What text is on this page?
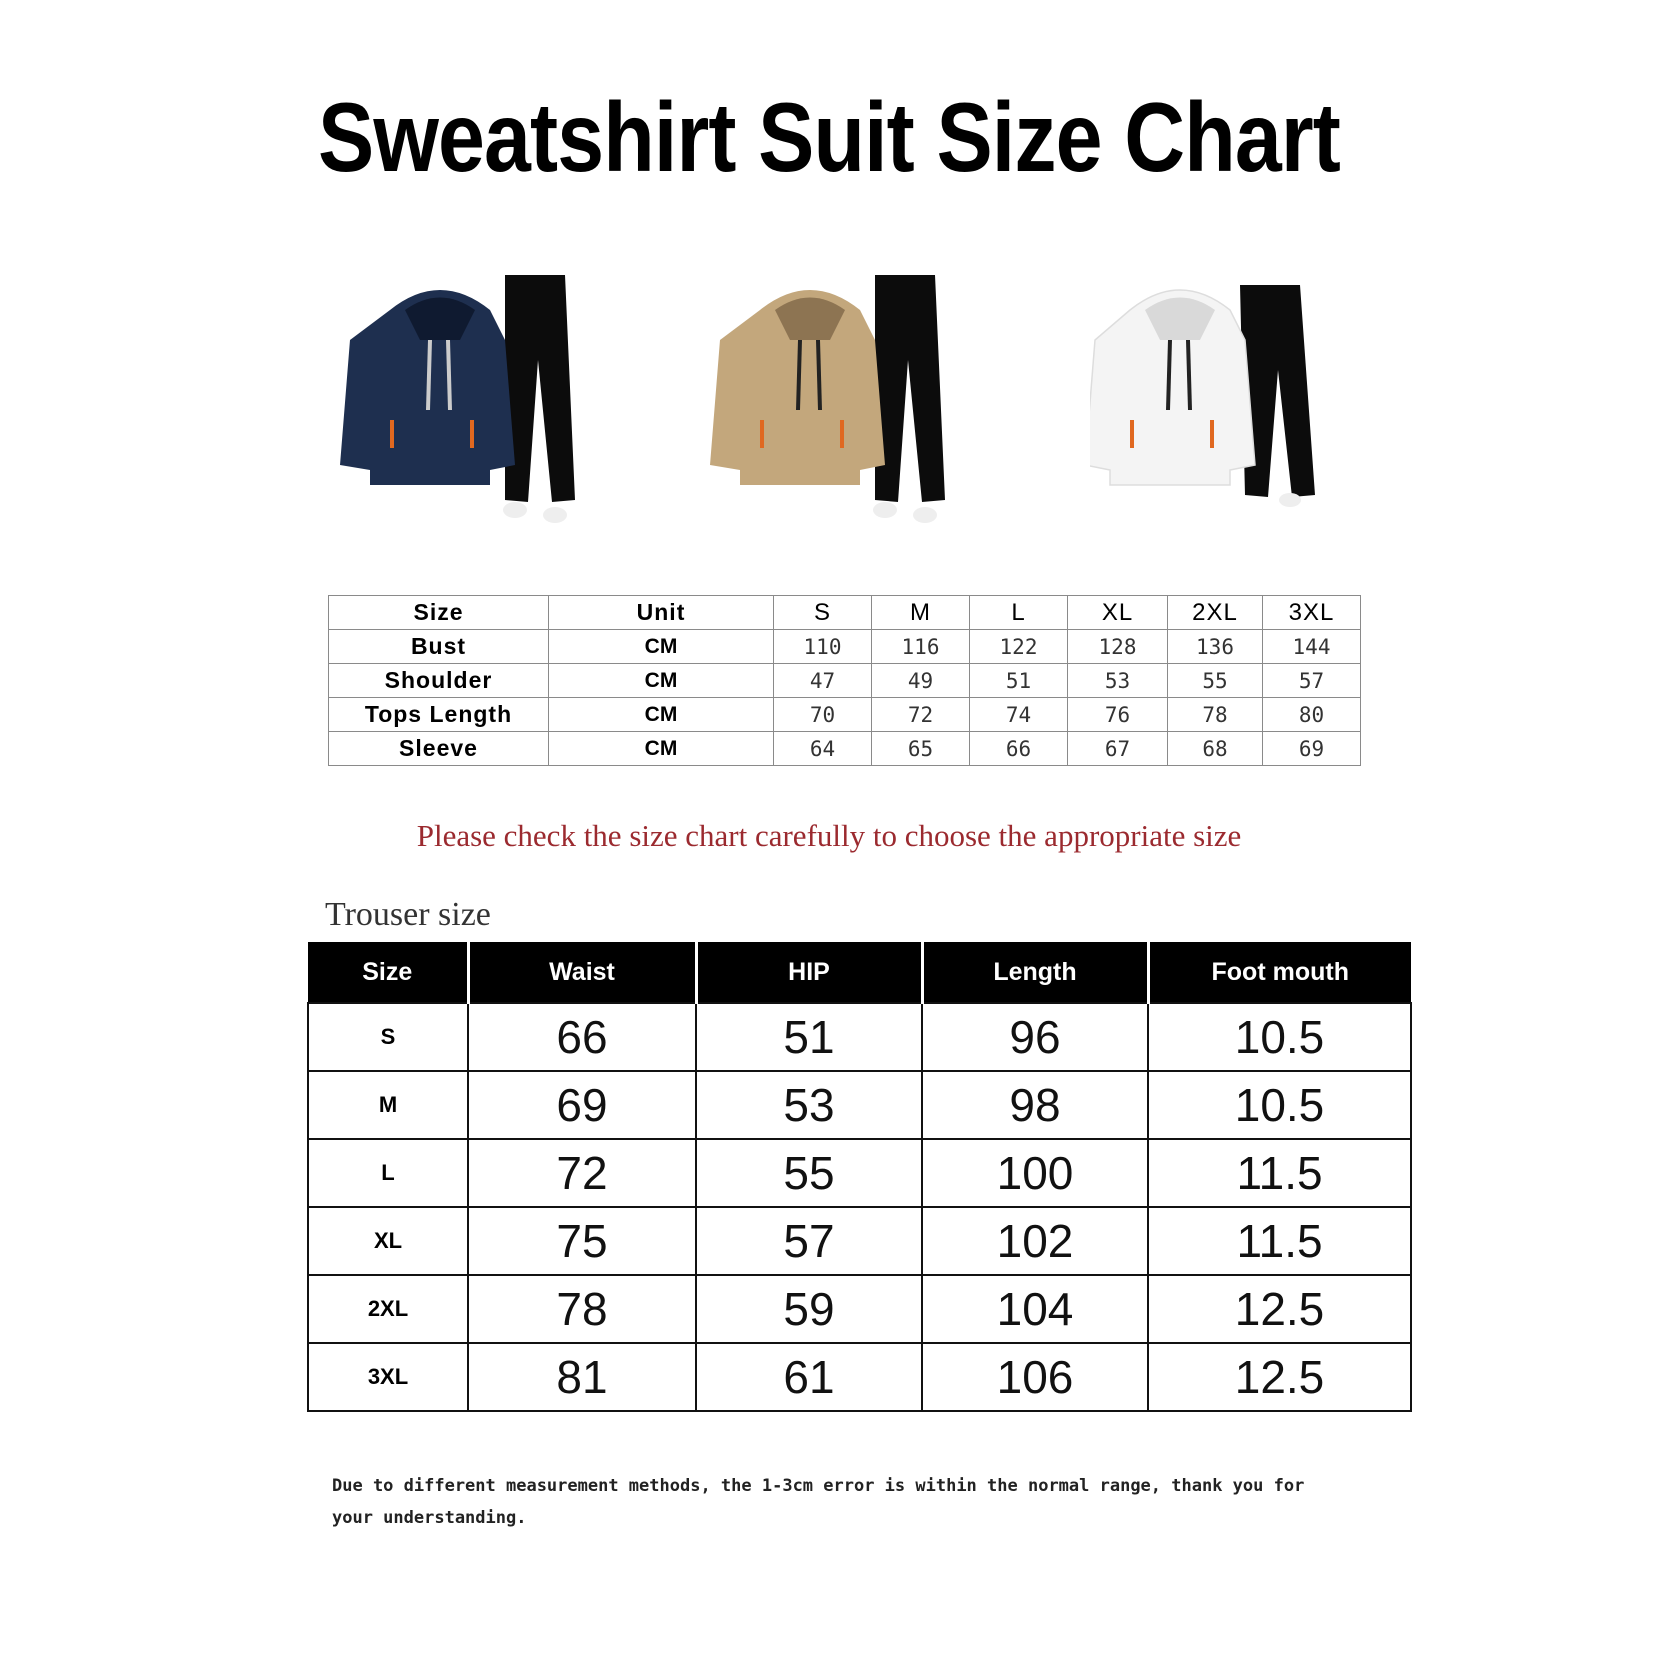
Sweatshirt Suit Size Chart
Size	Unit	S	M	L	XL	2XL	3XL
Bust	CM	110	116	122	128	136	144
Shoulder	CM	47	49	51	53	55	57
Tops Length	CM	70	72	74	76	78	80
Sleeve	CM	64	65	66	67	68	69
Please check the size chart carefully to choose the appropriate size
Trouser size
Size	Waist	HIP	Length	Foot mouth
S	66	51	96	10.5
M	69	53	98	10.5
L	72	55	100	11.5
XL	75	57	102	11.5
2XL	78	59	104	12.5
3XL	81	61	106	12.5
Due to different measurement methods, the 1-3cm error is within the normal range, thank you for your understanding.
